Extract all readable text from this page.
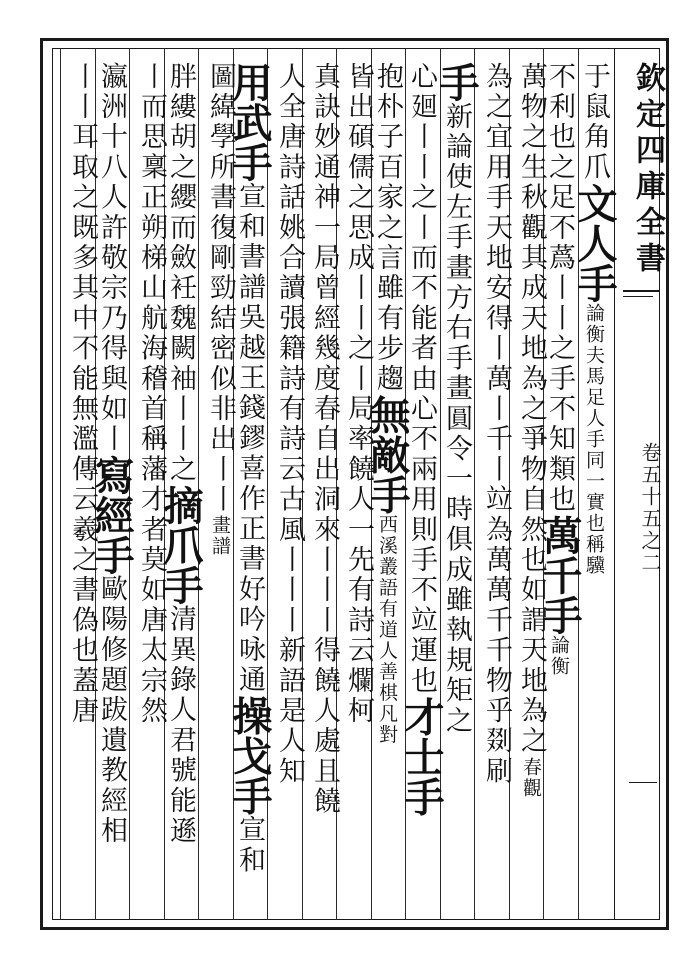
欽定四庫全書
卷五十五之二
于鼠角爪文人手論衡夫馬足人手同一實也稱驥
不利也之足不蔿丨丨之手不知類也萬千手論衡
萬物之生秋觀其成天地為之爭物自然也如謂天地為之春觀
為之宜用手天地安得丨萬丨千丨竝為萬萬千千物乎剟刷
手新論使左手畫方右手畫圓令一時俱成雖執規矩之
心廻丨丨之丨而不能者由心不兩用則手不竝運也才士手
抱朴子百家之言雖有步趨無敵手西溪叢語有道人善棋凡對
皆出碩儒之思成丨丨之丨局率饒人一先有詩云爛柯
真訣妙通神一局曾經幾度春自出洞來丨丨丨得饒人處且饒
人全唐詩話姚合讀張籍詩有詩云古風丨丨丨新語是人知
用武手宣和書譜吳越王錢鏐喜作正書好吟咏通操戈手宣和
圖緯學所書復剛勁結密似非出丨丨畫譜
胖縷胡之纓而斂衽魏闕袖丨丨之摘爪手清異錄人君號能遜
丨而思稟正朔梯山航海稽首稱藩才者莫如唐太宗然
瀛洲十八人許敬宗乃得與如丨寫經手歐陽修題跋遺教經相
丨丨耳取之既多其中不能無濫傳云羲之書偽也蓋唐
